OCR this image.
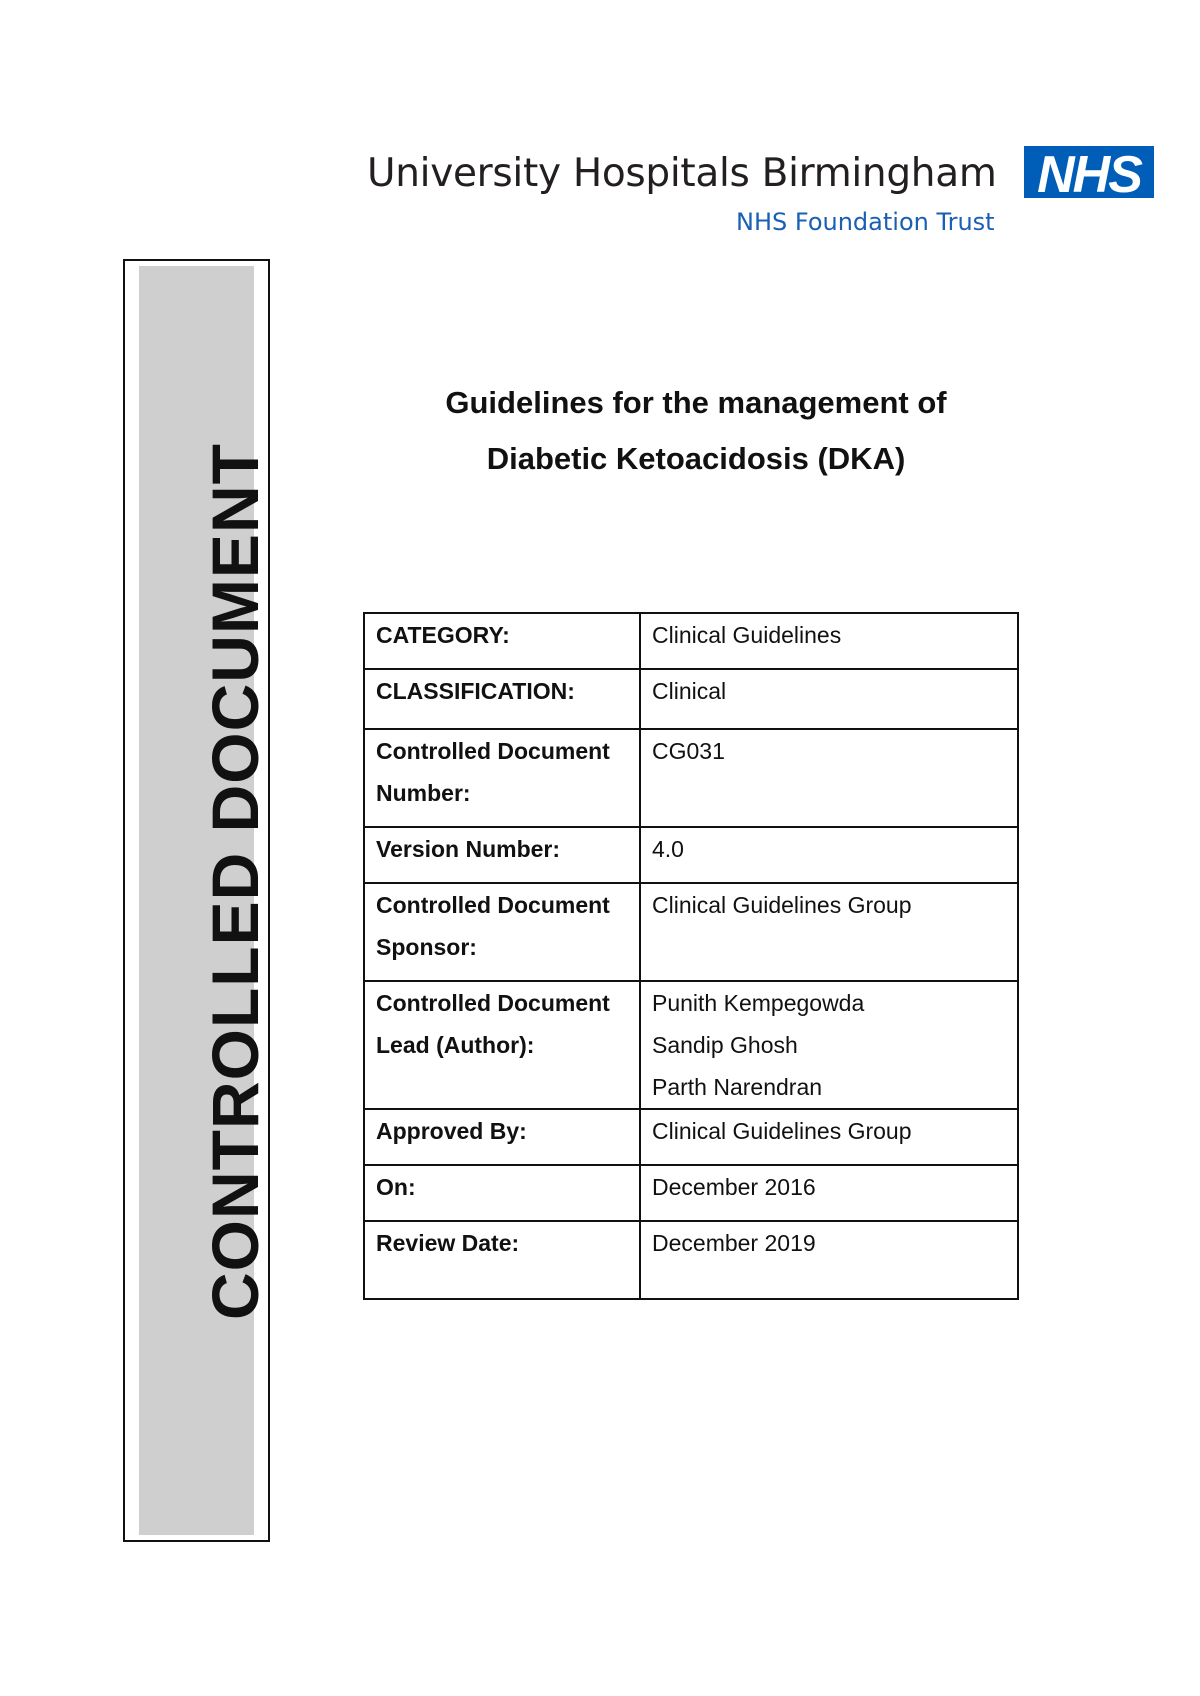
University Hospitals Birmingham
NHS Foundation Trust
NHS
CONTROLLED DOCUMENT
Guidelines for the management of
Diabetic Ketoacidosis (DKA)
CATEGORY:	Clinical Guidelines
CLASSIFICATION:	Clinical

Controlled Document
Number:	CG031
Version Number:	4.0

Controlled Document
Sponsor:	Clinical Guidelines Group

Controlled Document
Lead (Author):	Punith Kempegowda
Sandip Ghosh
Parth Narendran

Approved By:	Clinical Guidelines Group
On:	December 2016
Review Date:	December 2019
